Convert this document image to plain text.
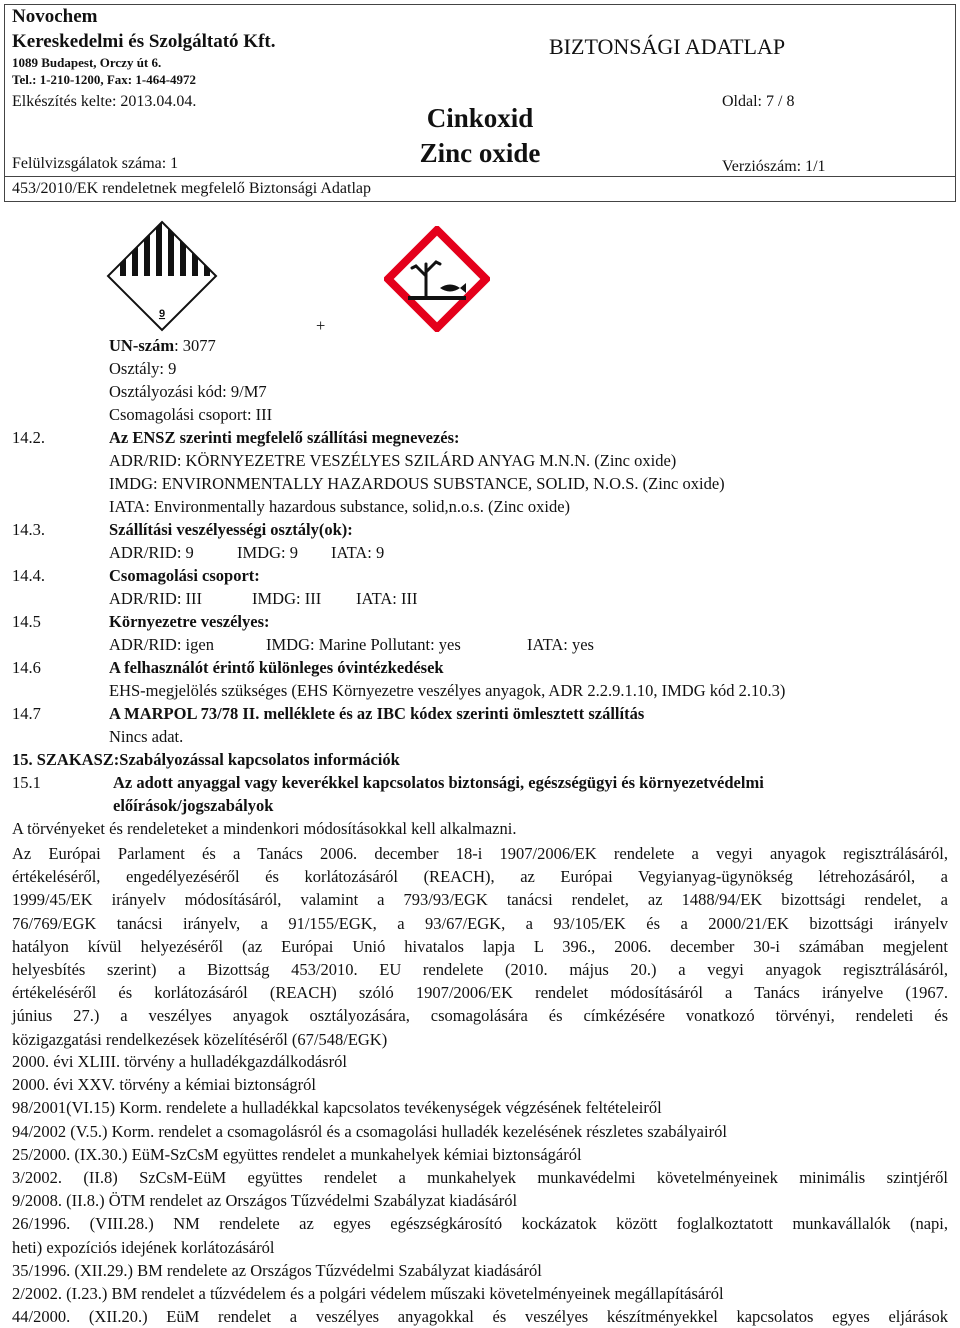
Novochem
Kereskedelmi és Szolgáltató Kft.
1089 Budapest, Orczy út 6.
Tel.: 1-210-1200, Fax: 1-464-4972
BIZTONSÁGI ADATLAP
Elkészítés kelte: 2013.04.04.
Felülvizsgálatok száma: 1
Cinkoxid
Zinc oxide
Oldal: 7 / 8
Verziószám: 1/1
453/2010/EK rendeletnek megfelelő Biztonsági Adatlap
9
+
UN-szám: 3077
Osztály: 9
Osztályozási kód: 9/M7
Csomagolási csoport: III
14.2.	Az ENSZ szerinti megfelelő szállítási megnevezés:
ADR/RID: KÖRNYEZETRE VESZÉLYES SZILÁRD ANYAG M.N.N. (Zinc oxide)
IMDG: ENVIRONMENTALLY HAZARDOUS SUBSTANCE, SOLID, N.O.S. (Zinc oxide)
IATA: Environmentally hazardous substance, solid,n.o.s. (Zinc oxide)
14.3.	Szállítási veszélyességi osztály(ok):
ADR/RID: 9	IMDG: 9 IATA: 9
14.4.	Csomagolási csoport:
ADR/RID: III	IMDG: III IATA: III
14.5	Környezetre veszélyes:
ADR/RID: igen	IMDG: Marine Pollutant: yes	IATA: yes
14.6	A felhasználót érintő különleges óvintézkedések
EHS-megjelölés szükséges (EHS Környezetre veszélyes anyagok, ADR 2.2.9.1.10, IMDG kód 2.10.3)
14.7	A MARPOL 73/78 II. melléklete és az IBC kódex szerinti ömlesztett szállítás
Nincs adat.
15. SZAKASZ:Szabályozással kapcsolatos információk
15.1	Az adott anyaggal vagy keverékkel kapcsolatos biztonsági, egészségügyi és környezetvédelmi
előírások/jogszabályok
A törvényeket és rendeleteket a mindenkori módosításokkal kell alkalmazni.
Az Európai Parlament és a Tanács 2006. december 18-i 1907/2006/EK rendelete a vegyi anyagok regisztrálásáról,
értékeléséről, engedélyezéséről és korlátozásáról (REACH), az Európai Vegyianyag-ügynökség létrehozásáról, a
1999/45/EK irányelv módosításáról, valamint a 793/93/EGK tanácsi rendelet, az 1488/94/EK bizottsági rendelet, a
76/769/EGK tanácsi irányelv, a 91/155/EGK, a 93/67/EGK, a 93/105/EK és a 2000/21/EK bizottsági irányelv
hatályon kívül helyezéséről (az Európai Unió hivatalos lapja L 396., 2006. december 30-i számában megjelent
helyesbítés szerint) a Bizottság 453/2010. EU rendelete (2010. május 20.) a vegyi anyagok regisztrálásáról,
értékeléséről és korlátozásáról (REACH) szóló 1907/2006/EK rendelet módosításáról a Tanács irányelve (1967.
június 27.) a veszélyes anyagok osztályozására, csomagolására és címkézésére vonatkozó törvényi, rendeleti és
közigazgatási rendelkezések közelítéséről (67/548/EGK)
2000. évi XLIII. törvény a hulladékgazdálkodásról
2000. évi XXV. törvény a kémiai biztonságról
98/2001(VI.15) Korm. rendelete a hulladékkal kapcsolatos tevékenységek végzésének feltételeiről
94/2002 (V.5.) Korm. rendelet a csomagolásról és a csomagolási hulladék kezelésének részletes szabályairól
25/2000. (IX.30.) EüM-SzCsM együttes rendelet a munkahelyek kémiai biztonságáról
3/2002. (II.8) SzCsM-EüM együttes rendelet a munkahelyek munkavédelmi követelményeinek minimális szintjéről
9/2008. (II.8.) ÖTM rendelet az Országos Tűzvédelmi Szabályzat kiadásáról
26/1996. (VIII.28.) NM rendelete az egyes egészségkárosító kockázatok között foglalkoztatott munkavállalók (napi,
heti) expozíciós idejének korlátozásáról
35/1996. (XII.29.) BM rendelete az Országos Tűzvédelmi Szabályzat kiadásáról
2/2002. (I.23.) BM rendelet a tűzvédelem és a polgári védelem műszaki követelményeinek megállapításáról
44/2000. (XII.20.) EüM rendelet a veszélyes anyagokkal és veszélyes készítményekkel kapcsolatos egyes eljárások
